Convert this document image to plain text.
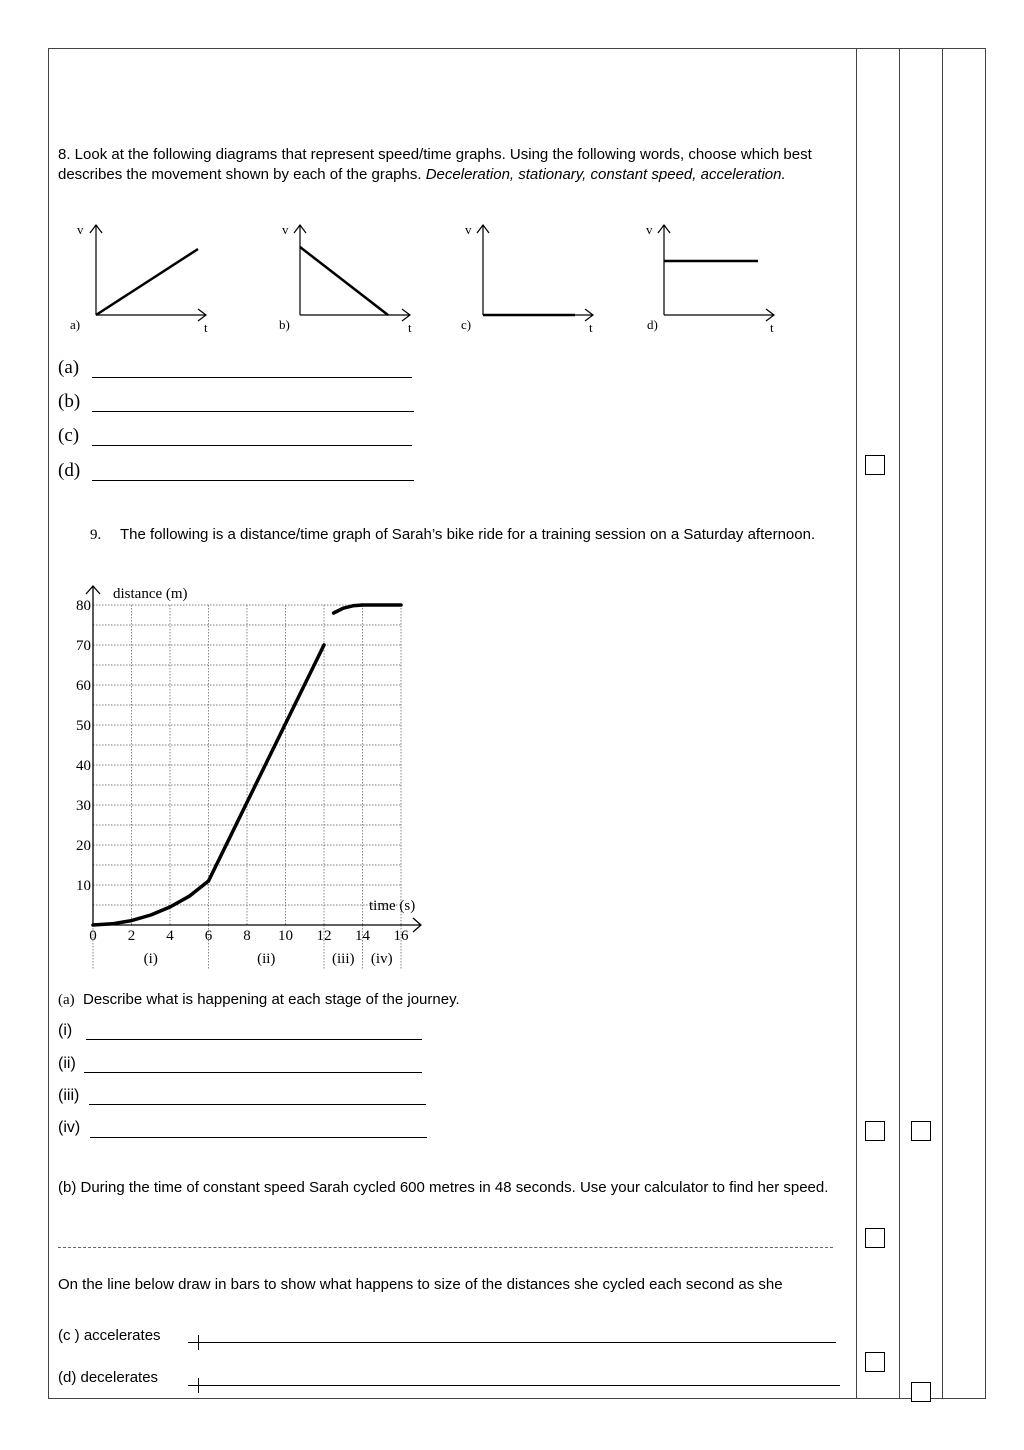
8. Look at the following diagrams that represent speed/time graphs. Using the following words, choose which best describes the movement shown by each of the graphs. Deceleration, stationary, constant speed, acceleration.
v
a)	t
v
b)	t
v
c)	t
v
d)	t
(a)
(b)
(c)
(d)
9. The following is a distance/time graph of Sarah’s bike ride for a training session on a Saturday afternoon.
0 2 4 6 8 10 12 14 16
10
20
30
40
50
60
70
80
(i)	(ii)	(iii) (iv)
distance (m)
time (s)
(a) Describe what is happening at each stage of the journey.
(i)
(ii)
(iii)
(iv)
(b) During the time of constant speed Sarah cycled 600 metres in 48 seconds. Use your calculator to find her speed.
On the line below draw in bars to show what happens to size of the distances she cycled each second as she
(c ) accelerates
(d) decelerates
